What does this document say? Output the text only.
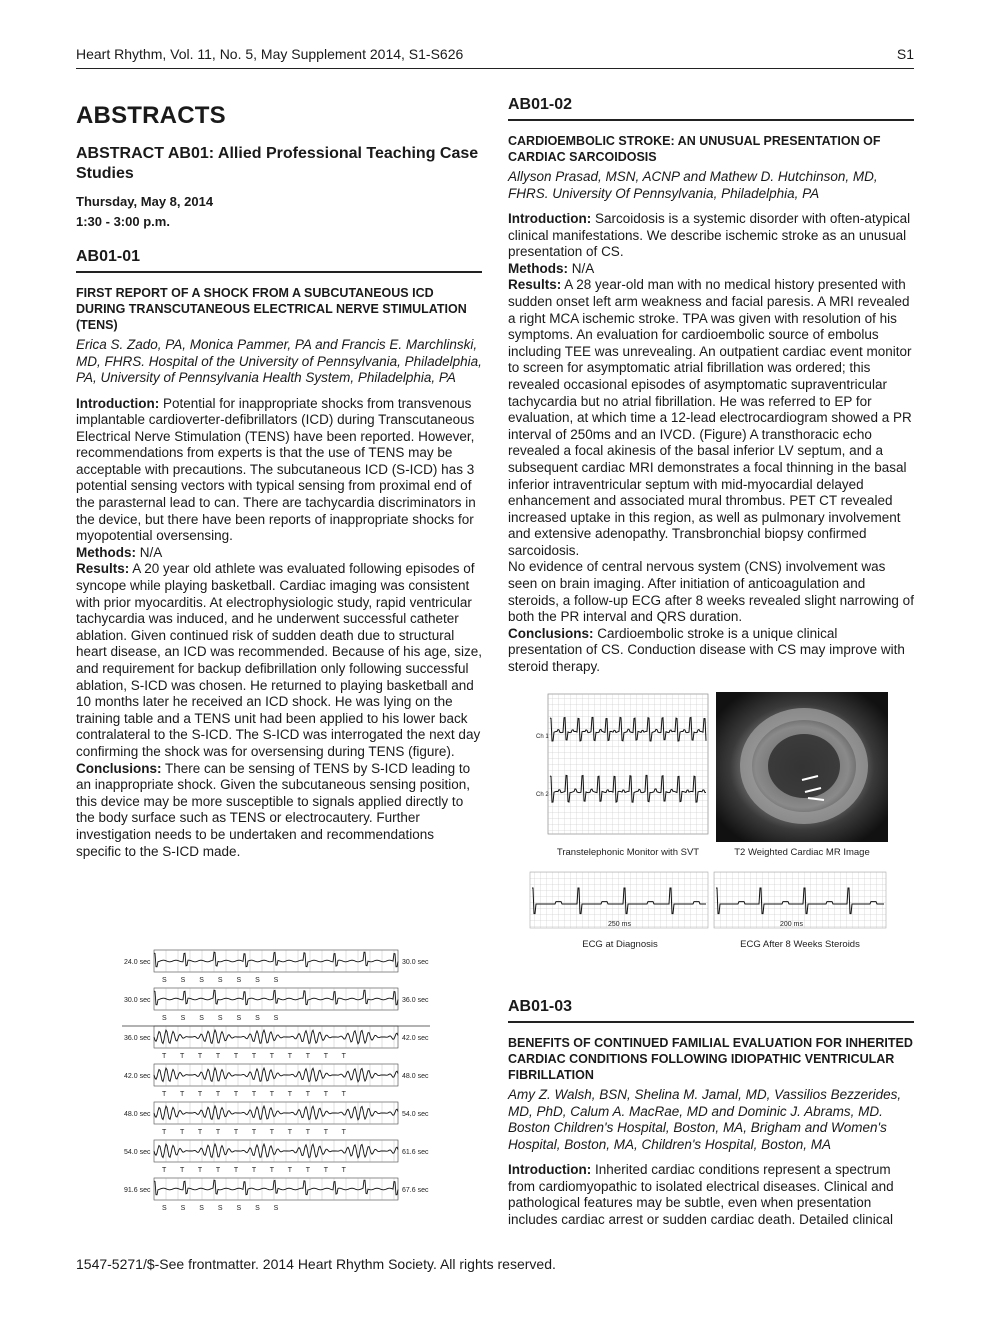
Heart Rhythm, Vol. 11, No. 5, May Supplement 2014, S1-S626	S1
ABSTRACTS
ABSTRACT AB01: Allied Professional Teaching Case Studies
Thursday, May 8, 2014
1:30 - 3:00 p.m.
AB01-01
FIRST REPORT OF A SHOCK FROM A SUBCUTANEOUS ICD DURING TRANSCUTANEOUS ELECTRICAL NERVE STIMULATION (TENS)
Erica S. Zado, PA, Monica Pammer, PA and Francis E. Marchlinski, MD, FHRS. Hospital of the University of Pennsylvania, Philadelphia, PA, University of Pennsylvania Health System, Philadelphia, PA

Introduction: Potential for inappropriate shocks from transvenous implantable cardioverter-defibrillators (ICD) during Transcutaneous Electrical Nerve Stimulation (TENS) have been reported. However, recommendations from experts is that the use of TENS may be acceptable with precautions. The subcutaneous ICD (S-ICD) has 3 potential sensing vectors with typical sensing from proximal end of the parasternal lead to can. There are tachycardia discriminators in the device, but there have been reports of inappropriate shocks for myopotential oversensing.
Methods: N/A
Results: A 20 year old athlete was evaluated following episodes of syncope while playing basketball. Cardiac imaging was consistent with prior myocarditis. At electrophysiologic study, rapid ventricular tachycardia was induced, and he underwent successful catheter ablation. Given continued risk of sudden death due to structural heart disease, an ICD was recommended. Because of his age, size, and requirement for backup defibrillation only following successful ablation, S-ICD was chosen. He returned to playing basketball and 10 months later he received an ICD shock. He was lying on the training table and a TENS unit had been applied to his lower back contralateral to the S-ICD. The S-ICD was interrogated the next day confirming the shock was for oversensing during TENS (figure).
Conclusions: There can be sensing of TENS by S-ICD leading to an inappropriate shock. Given the subcutaneous sensing position, this device may be more susceptible to signals applied directly to the body surface such as TENS or electrocautery. Further investigation needs to be undertaken and recommendations specific to the S-ICD made.

24.0 sec	30.0 sec
S S S S S S S
30.0 sec	36.0 sec
S S S S S S S
36.0 sec	42.0 sec
T T T T T T T T T T T
42.0 sec	48.0 sec
T T T T T T T T T T T
48.0 sec	54.0 sec
T T T T T T T T T T T
54.0 sec	61.6 sec
T T T T T T T T T T T
91.6 sec	67.6 sec
S S S S S S S
AB01-02
CARDIOEMBOLIC STROKE: AN UNUSUAL PRESENTATION OF CARDIAC SARCOIDOSIS
Allyson Prasad, MSN, ACNP and Mathew D. Hutchinson, MD, FHRS. University Of Pennsylvania, Philadelphia, PA

Introduction: Sarcoidosis is a systemic disorder with often-atypical clinical manifestations. We describe ischemic stroke as an unusual presentation of CS.
Methods: N/A
Results: A 28 year-old man with no medical history presented with sudden onset left arm weakness and facial paresis. A MRI revealed a right MCA ischemic stroke. TPA was given with resolution of his symptoms. An evaluation for cardioembolic source of embolus including TEE was unrevealing. An outpatient cardiac event monitor to screen for asymptomatic atrial fibrillation was ordered; this revealed occasional episodes of asymptomatic supraventricular tachycardia but no atrial fibrillation. He was referred to EP for evaluation, at which time a 12-lead electrocardiogram showed a PR interval of 250ms and an IVCD. (Figure) A transthoracic echo revealed a focal akinesis of the basal inferior LV septum, and a subsequent cardiac MRI demonstrates a focal thinning in the basal inferior intraventricular septum with mid-myocardial delayed enhancement and associated mural thrombus. PET CT revealed increased uptake in this region, as well as pulmonary involvement and extensive adenopathy. Transbronchial biopsy confirmed sarcoidosis.
No evidence of central nervous system (CNS) involvement was seen on brain imaging. After initiation of anticoagulation and steroids, a follow-up ECG after 8 weeks revealed slight narrowing of both the PR interval and QRS duration.
Conclusions: Cardioembolic stroke is a unique clinical presentation of CS. Conduction disease with CS may improve with steroid therapy.

Ch 1
Ch 2
Transtelephonic Monitor with SVT	T2 Weighted Cardiac MR Image
250 ms
ECG at Diagnosis
200 ms
ECG After 8 Weeks Steroids
AB01-03
BENEFITS OF CONTINUED FAMILIAL EVALUATION FOR INHERITED CARDIAC CONDITIONS FOLLOWING IDIOPATHIC VENTRICULAR FIBRILLATION
Amy Z. Walsh, BSN, Shelina M. Jamal, MD, Vassilios Bezzerides, MD, PhD, Calum A. MacRae, MD and Dominic J. Abrams, MD. Boston Children's Hospital, Boston, MA, Brigham and Women's Hospital, Boston, MA, Children's Hospital, Boston, MA

Introduction: Inherited cardiac conditions represent a spectrum from cardiomyopathic to isolated electrical diseases. Clinical and pathological features may be subtle, even when presentation includes cardiac arrest or sudden cardiac death. Detailed clinical

1547-5271/$-See frontmatter. 2014 Heart Rhythm Society. All rights reserved.
